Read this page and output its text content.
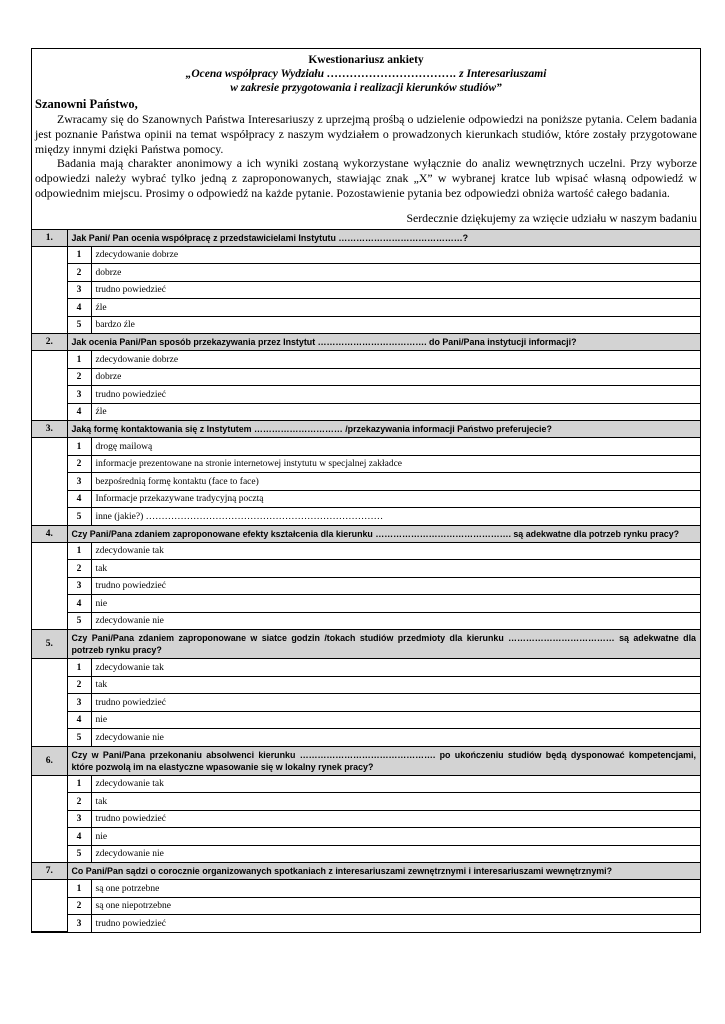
Kwestionariusz ankiety
„Ocena współpracy Wydziału ……………………………. z Interesariuszami
w zakresie przygotowania i realizacji kierunków studiów”
Szanowni Państwo,
Zwracamy się do Szanownych Państwa Interesariuszy z uprzejmą prośbą o udzielenie odpowiedzi na poniższe pytania. Celem badania jest poznanie Państwa opinii na temat współpracy z naszym wydziałem o prowadzonych kierunkach studiów, które zostały przygotowane między innymi dzięki Państwa pomocy.
Badania mają charakter anonimowy a ich wyniki zostaną wykorzystane wyłącznie do analiz wewnętrznych uczelni. Przy wyborze odpowiedzi należy wybrać tylko jedną z zaproponowanych, stawiając znak „X” w wybranej kratce lub wpisać własną odpowiedź w odpowiednim miejscu. Prosimy o odpowiedź na każde pytanie. Pozostawienie pytania bez odpowiedzi obniża wartość całego badania.
Serdecznie dziękujemy za wzięcie udziału w naszym badaniu
1.	Jak Pani/ Pan ocenia współpracę z przedstawicielami Instytutu ……………………………………?	
	1	zdecydowanie dobrze
	2	dobrze
	3	trudno powiedzieć
	4	źle
	5	bardzo źle
2.	Jak ocenia Pani/Pan sposób przekazywania przez Instytut ………………………………. do Pani/Pana instytucji informacji?	
	1	zdecydowanie dobrze
	2	dobrze
	3	trudno powiedzieć
	4	źle
3.	Jaką formę kontaktowania się z Instytutem ………………………… /przekazywania informacji Państwo preferujecie?	
	1	drogę mailową
	2	informacje prezentowane na stronie internetowej instytutu w specjalnej zakładce
	3	bezpośrednią formę kontaktu (face to face)
	4	Informacje przekazywane tradycyjną pocztą
	5	inne (jakie?) …………………………………………………………………
4.	Czy Pani/Pana zdaniem zaproponowane efekty kształcenia dla kierunku ………………………………………. są adekwatne dla potrzeb rynku pracy?	
	1	zdecydowanie tak
	2	tak
	3	trudno powiedzieć
	4	nie
	5	zdecydowanie nie
5.	Czy Pani/Pana zdaniem zaproponowane w siatce godzin /tokach studiów przedmioty dla kierunku ……………………………… są adekwatne dla potrzeb rynku pracy?	
	1	zdecydowanie tak
	2	tak
	3	trudno powiedzieć
	4	nie
	5	zdecydowanie nie
6.	Czy w Pani/Pana przekonaniu absolwenci kierunku ………………………………………. po ukończeniu studiów będą dysponować kompetencjami, które pozwolą im na elastyczne wpasowanie się w lokalny rynek pracy?	
	1	zdecydowanie tak
	2	tak
	3	trudno powiedzieć
	4	nie
	5	zdecydowanie nie
7.	Co Pani/Pan sądzi o corocznie organizowanych spotkaniach z interesariuszami zewnętrznymi i interesariuszami wewnętrznymi?	
	1	są one potrzebne
	2	są one niepotrzebne
	3	trudno powiedzieć
